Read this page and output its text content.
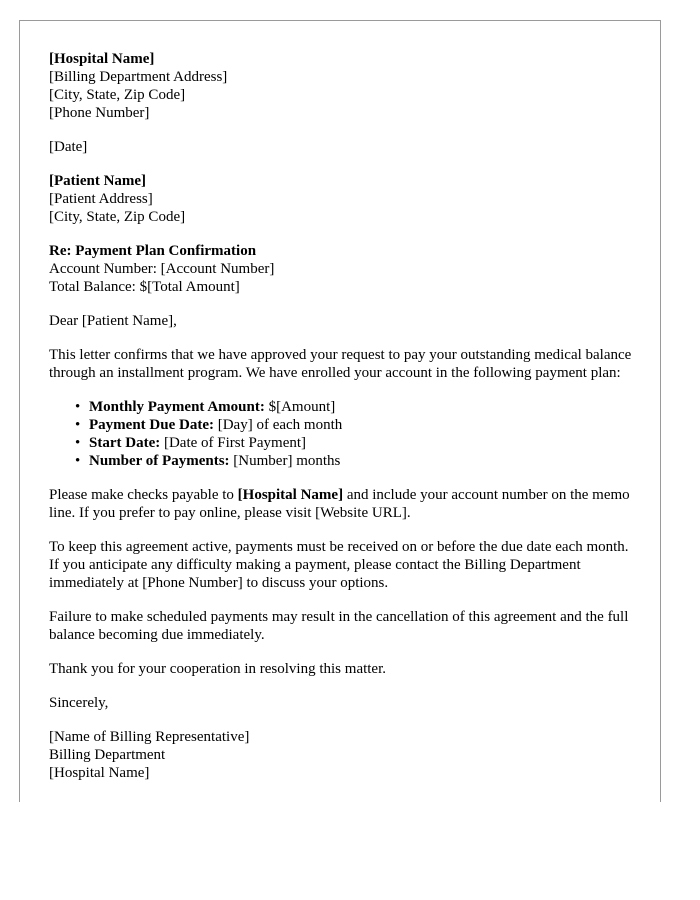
[Hospital Name]
[Billing Department Address]
[City, State, Zip Code]
[Phone Number]
[Date]
[Patient Name]
[Patient Address]
[City, State, Zip Code]
Re: Payment Plan Confirmation
Account Number: [Account Number]
Total Balance: $[Total Amount]

Dear [Patient Name],

This letter confirms that we have approved your request to pay your outstanding medical balance through an installment program. We have enrolled your account in the following payment plan:

• Monthly Payment Amount: $[Amount]
• Payment Due Date: [Day] of each month
• Start Date: [Date of First Payment]
• Number of Payments: [Number] months

Please make checks payable to [Hospital Name] and include your account number on the memo line. If you prefer to pay online, please visit [Website URL].

To keep this agreement active, payments must be received on or before the due date each month. If you anticipate any difficulty making a payment, please contact the Billing Department immediately at [Phone Number] to discuss your options.

Failure to make scheduled payments may result in the cancellation of this agreement and the full balance becoming due immediately.

Thank you for your cooperation in resolving this matter.

Sincerely,

[Name of Billing Representative]
Billing Department
[Hospital Name]
